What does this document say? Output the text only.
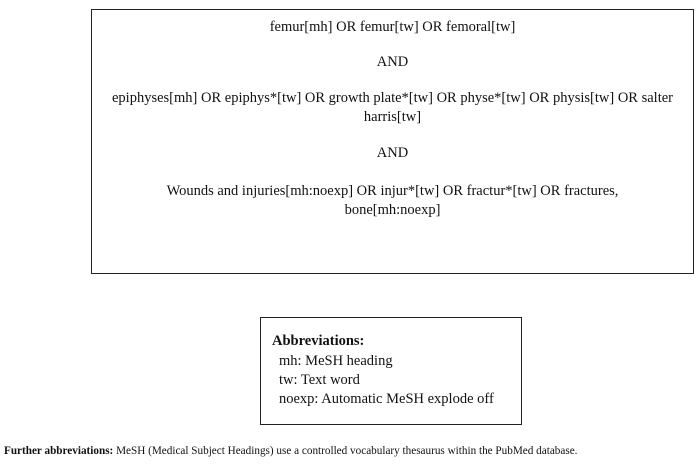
femur[mh] OR femur[tw] OR femoral[tw]

AND

epiphyses[mh] OR epiphys*[tw] OR growth plate*[tw] OR physe*[tw] OR physis[tw] OR salter harris[tw]

AND

Wounds and injuries[mh:noexp] OR injur*[tw] OR fractur*[tw] OR fractures, bone[mh:noexp]

Abbreviations:

mh: MeSH heading

tw: Text word

noexp: Automatic MeSH explode off

Further abbreviations: MeSH (Medical Subject Headings) use a controlled vocabulary thesaurus within the PubMed database.
